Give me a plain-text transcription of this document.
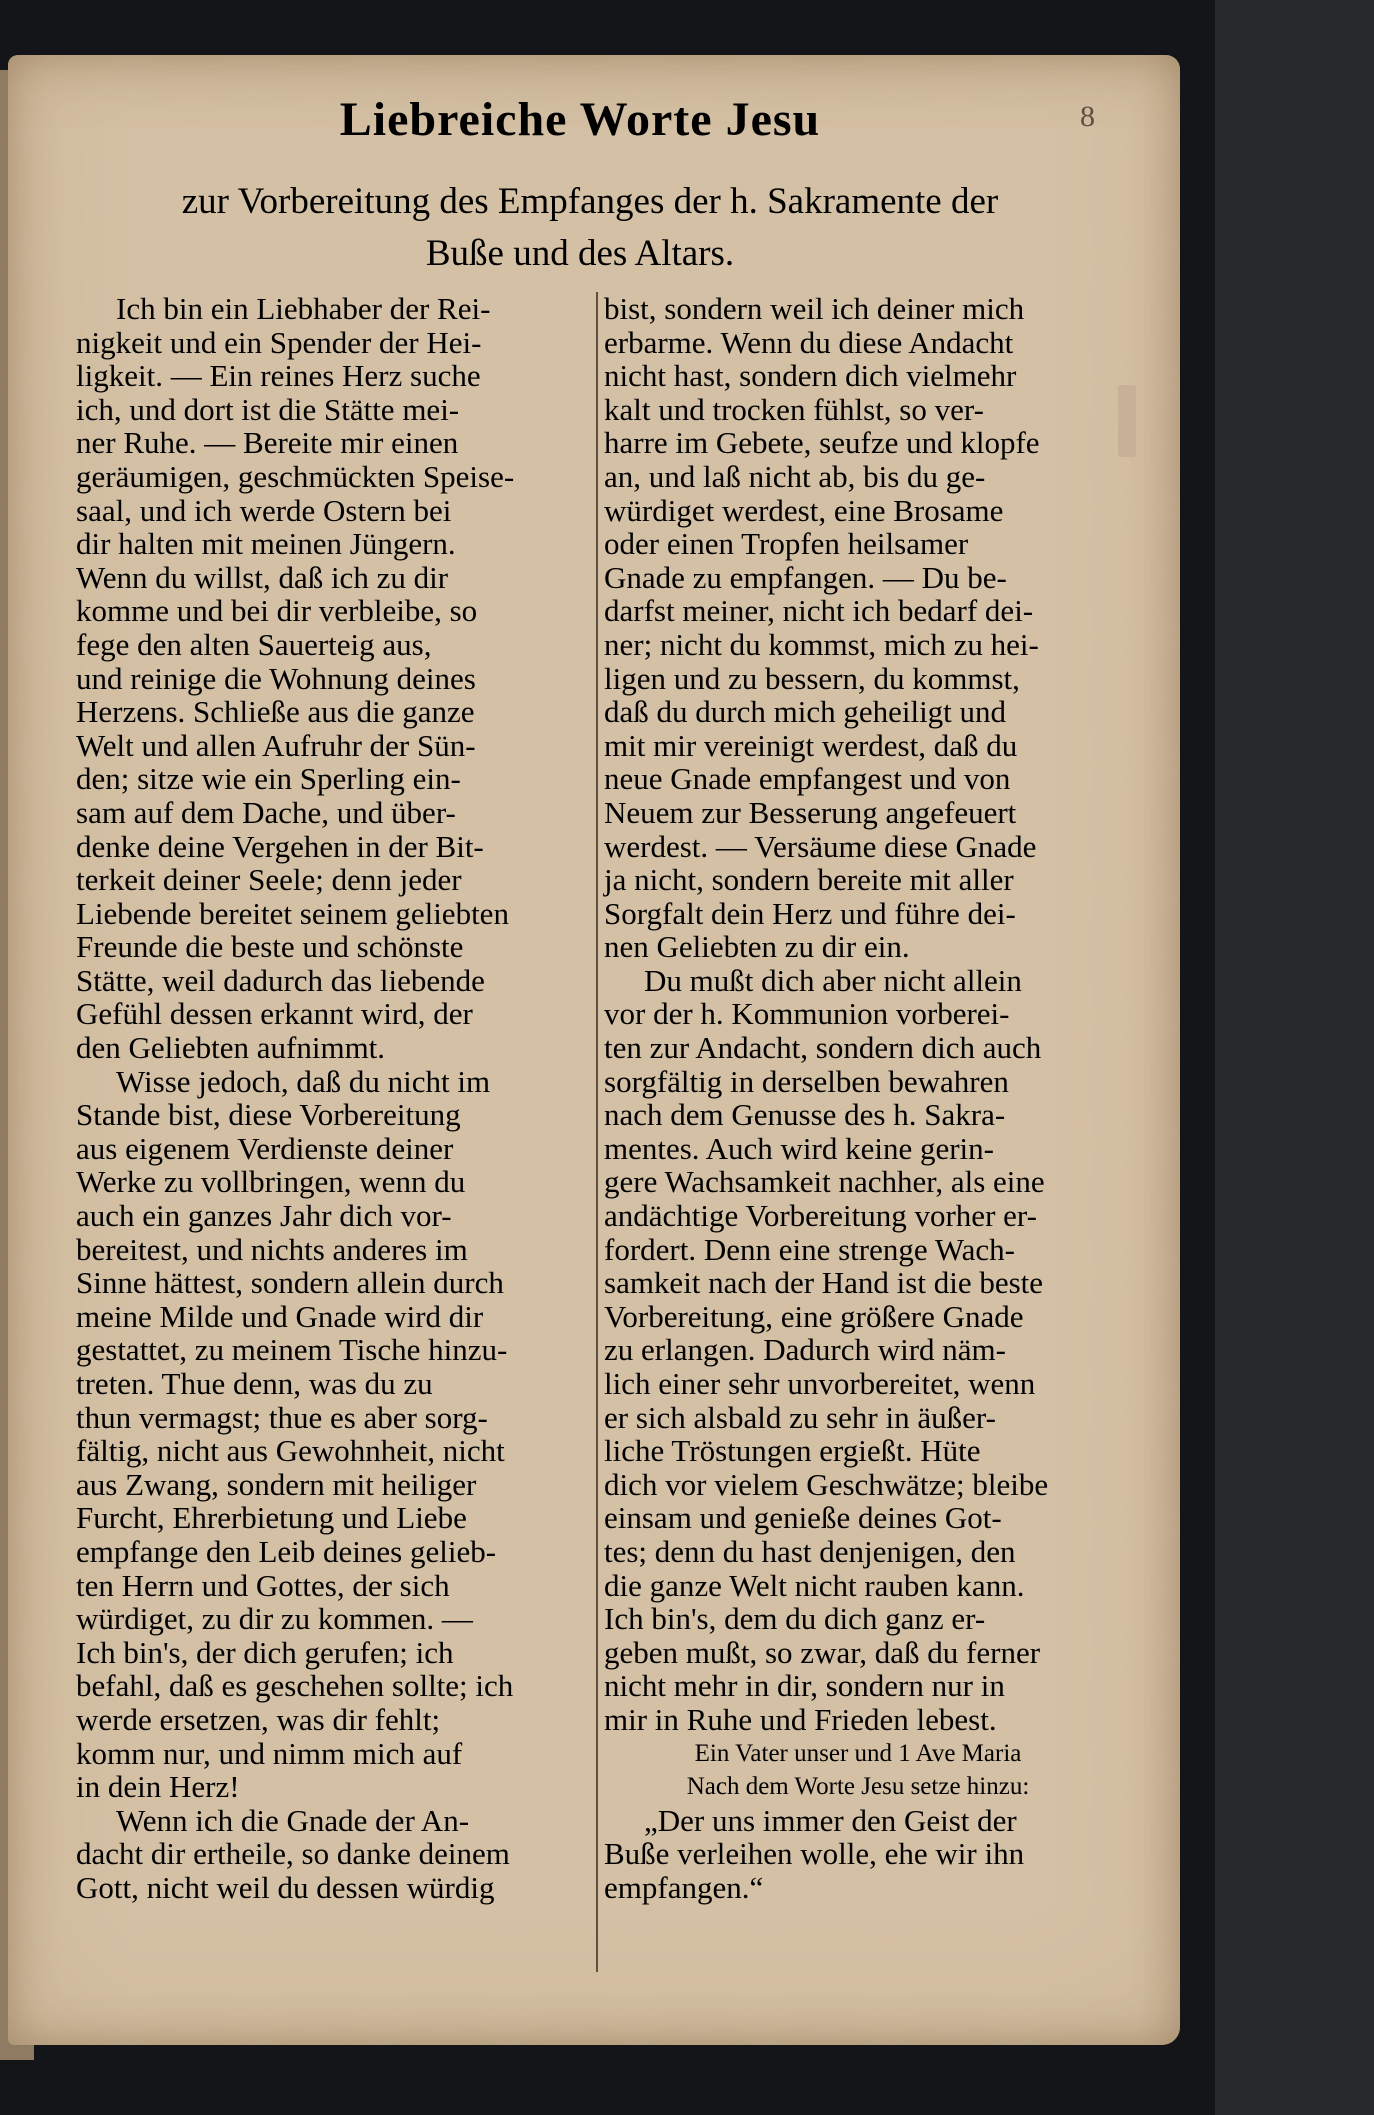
8
Liebreiche Worte Jesu
zur Vorbereitung des Empfanges der h. Sakramente der
Buße und des Altars.
Ich bin ein Liebhaber der Rei-
nigkeit und ein Spender der Hei-
ligkeit. — Ein reines Herz suche
ich, und dort ist die Stätte mei-
ner Ruhe. — Bereite mir einen
geräumigen, geschmückten Speise-
saal, und ich werde Ostern bei
dir halten mit meinen Jüngern.
Wenn du willst, daß ich zu dir
komme und bei dir verbleibe, so
fege den alten Sauerteig aus,
und reinige die Wohnung deines
Herzens. Schließe aus die ganze
Welt und allen Aufruhr der Sün-
den; sitze wie ein Sperling ein-
sam auf dem Dache, und über-
denke deine Vergehen in der Bit-
terkeit deiner Seele; denn jeder
Liebende bereitet seinem geliebten
Freunde die beste und schönste
Stätte, weil dadurch das liebende
Gefühl dessen erkannt wird, der
den Geliebten aufnimmt.
Wisse jedoch, daß du nicht im
Stande bist, diese Vorbereitung
aus eigenem Verdienste deiner
Werke zu vollbringen, wenn du
auch ein ganzes Jahr dich vor-
bereitest, und nichts anderes im
Sinne hättest, sondern allein durch
meine Milde und Gnade wird dir
gestattet, zu meinem Tische hinzu-
treten. Thue denn, was du zu
thun vermagst; thue es aber sorg-
fältig, nicht aus Gewohnheit, nicht
aus Zwang, sondern mit heiliger
Furcht, Ehrerbietung und Liebe
empfange den Leib deines gelieb-
ten Herrn und Gottes, der sich
würdiget, zu dir zu kommen. —
Ich bin's, der dich gerufen; ich
befahl, daß es geschehen sollte; ich
werde ersetzen, was dir fehlt;
komm nur, und nimm mich auf
in dein Herz!
Wenn ich die Gnade der An-
dacht dir ertheile, so danke deinem
Gott, nicht weil du dessen würdig
bist, sondern weil ich deiner mich
erbarme. Wenn du diese Andacht
nicht hast, sondern dich vielmehr
kalt und trocken fühlst, so ver-
harre im Gebete, seufze und klopfe
an, und laß nicht ab, bis du ge-
würdiget werdest, eine Brosame
oder einen Tropfen heilsamer
Gnade zu empfangen. — Du be-
darfst meiner, nicht ich bedarf dei-
ner; nicht du kommst, mich zu hei-
ligen und zu bessern, du kommst,
daß du durch mich geheiligt und
mit mir vereinigt werdest, daß du
neue Gnade empfangest und von
Neuem zur Besserung angefeuert
werdest. — Versäume diese Gnade
ja nicht, sondern bereite mit aller
Sorgfalt dein Herz und führe dei-
nen Geliebten zu dir ein.
Du mußt dich aber nicht allein
vor der h. Kommunion vorberei-
ten zur Andacht, sondern dich auch
sorgfältig in derselben bewahren
nach dem Genusse des h. Sakra-
mentes. Auch wird keine gerin-
gere Wachsamkeit nachher, als eine
andächtige Vorbereitung vorher er-
fordert. Denn eine strenge Wach-
samkeit nach der Hand ist die beste
Vorbereitung, eine größere Gnade
zu erlangen. Dadurch wird näm-
lich einer sehr unvorbereitet, wenn
er sich alsbald zu sehr in äußer-
liche Tröstungen ergießt. Hüte
dich vor vielem Geschwätze; bleibe
einsam und genieße deines Got-
tes; denn du hast denjenigen, den
die ganze Welt nicht rauben kann.
Ich bin's, dem du dich ganz er-
geben mußt, so zwar, daß du ferner
nicht mehr in dir, sondern nur in
mir in Ruhe und Frieden lebest.
Ein Vater unser und 1 Ave Maria
Nach dem Worte Jesu setze hinzu:
„Der uns immer den Geist der
Buße verleihen wolle, ehe wir ihn
empfangen.“
